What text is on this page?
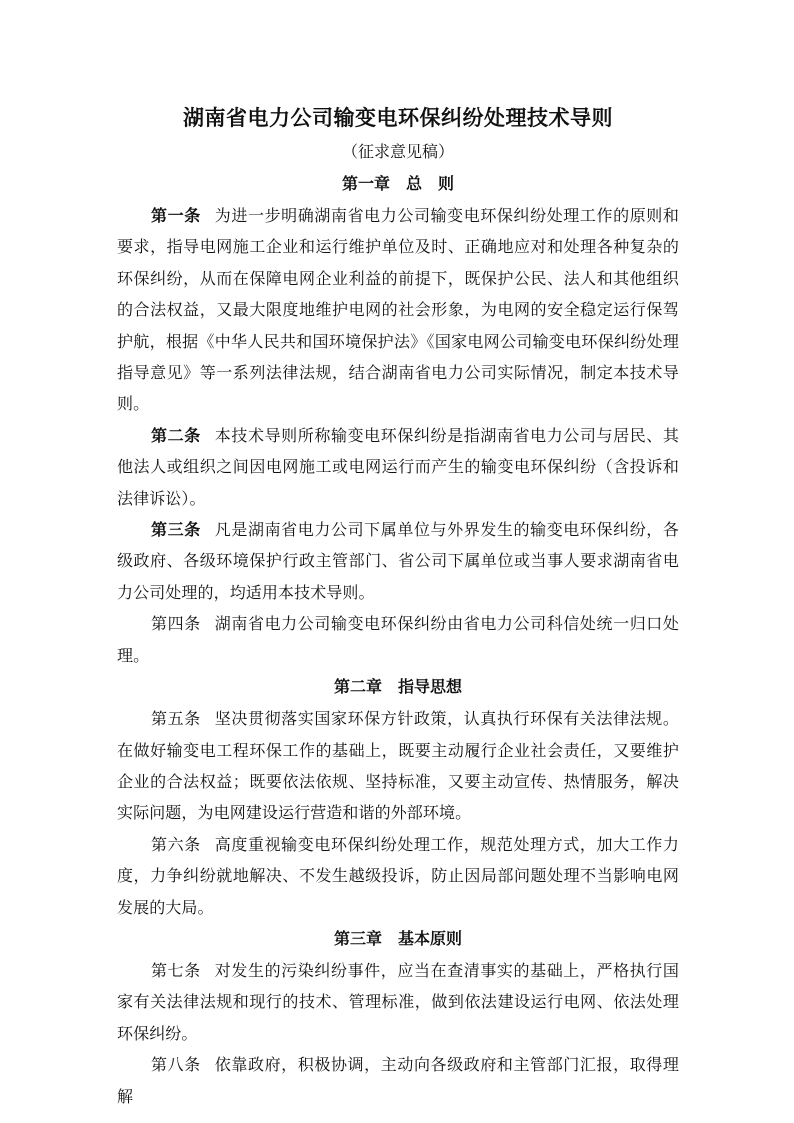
湖南省电力公司输变电环保纠纷处理技术导则

（征求意见稿）

第一章　总　则

第一条 为进一步明确湖南省电力公司输变电环保纠纷处理工作的原则和要求，指导电网施工企业和运行维护单位及时、正确地应对和处理各种复杂的环保纠纷，从而在保障电网企业利益的前提下，既保护公民、法人和其他组织的合法权益，又最大限度地维护电网的社会形象，为电网的安全稳定运行保驾护航，根据《中华人民共和国环境保护法》《国家电网公司输变电环保纠纷处理指导意见》等一系列法律法规，结合湖南省电力公司实际情况，制定本技术导则。

第二条 本技术导则所称输变电环保纠纷是指湖南省电力公司与居民、其他法人或组织之间因电网施工或电网运行而产生的输变电环保纠纷（含投诉和法律诉讼）。

第三条 凡是湖南省电力公司下属单位与外界发生的输变电环保纠纷，各级政府、各级环境保护行政主管部门、省公司下属单位或当事人要求湖南省电力公司处理的，均适用本技术导则。

第四条 湖南省电力公司输变电环保纠纷由省电力公司科信处统一归口处理。

第二章　指导思想

第五条 坚决贯彻落实国家环保方针政策，认真执行环保有关法律法规。在做好输变电工程环保工作的基础上，既要主动履行企业社会责任，又要维护企业的合法权益；既要依法依规、坚持标准，又要主动宣传、热情服务，解决实际问题，为电网建设运行营造和谐的外部环境。

第六条 高度重视输变电环保纠纷处理工作，规范处理方式，加大工作力度，力争纠纷就地解决、不发生越级投诉，防止因局部问题处理不当影响电网发展的大局。

第三章　基本原则

第七条 对发生的污染纠纷事件，应当在查清事实的基础上，严格执行国家有关法律法规和现行的技术、管理标准，做到依法建设运行电网、依法处理环保纠纷。

第八条 依靠政府，积极协调，主动向各级政府和主管部门汇报，取得理解
